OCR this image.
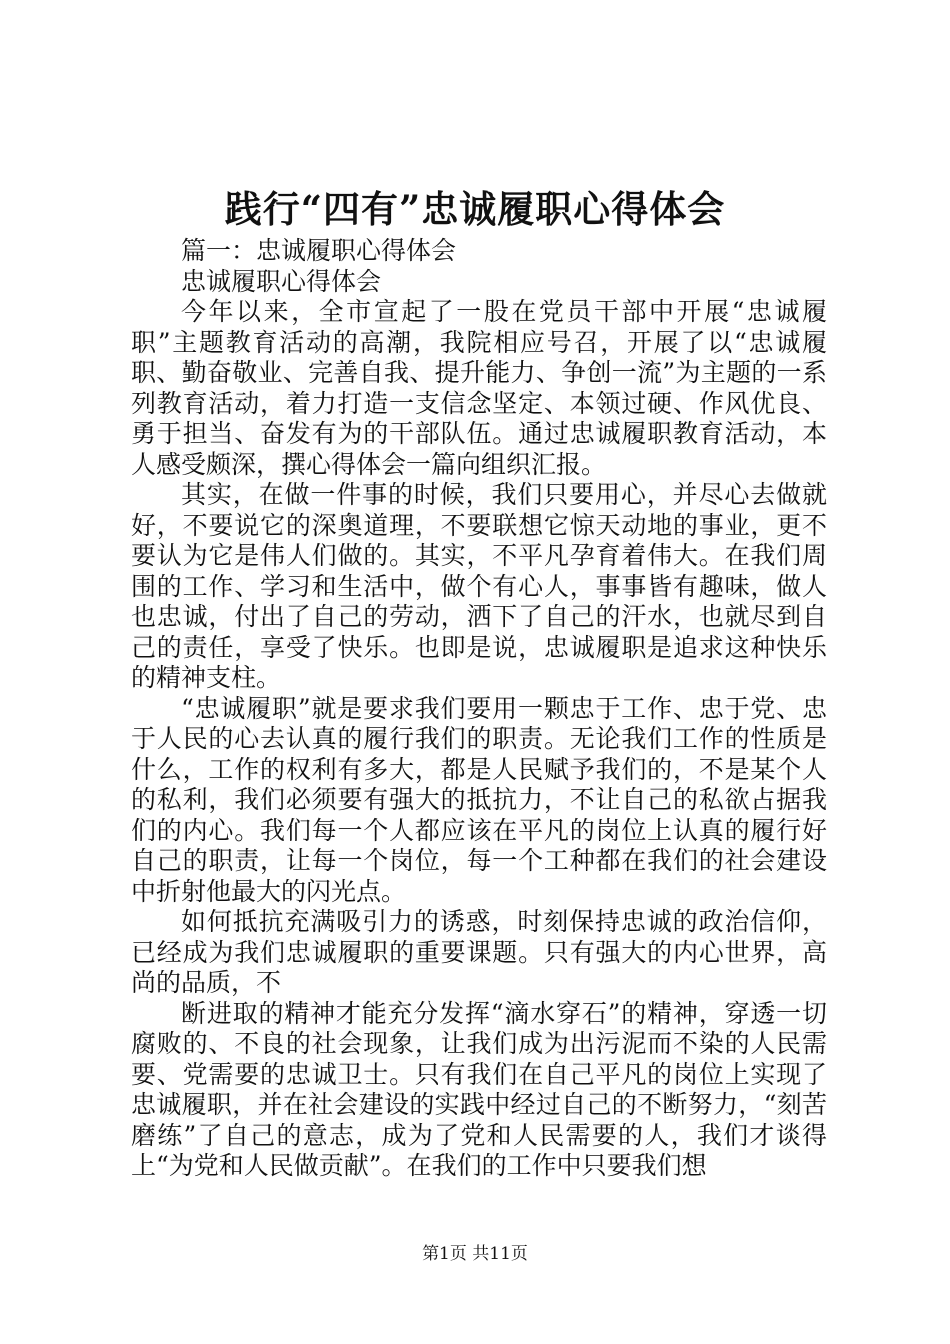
践行“四有”忠诚履职心得体会

篇一：忠诚履职心得体会

忠诚履职心得体会

今年以来，全市宣起了一股在党员干部中开展“忠诚履职”主题教育活动的高潮，我院相应号召，开展了以“忠诚履职、勤奋敬业、完善自我、提升能力、争创一流”为主题的一系列教育活动，着力打造一支信念坚定、本领过硬、作风优良、勇于担当、奋发有为的干部队伍。通过忠诚履职教育活动，本人感受颇深，撰心得体会一篇向组织汇报。

其实，在做一件事的时候，我们只要用心，并尽心去做就好，不要说它的深奥道理，不要联想它惊天动地的事业，更不要认为它是伟人们做的。其实，不平凡孕育着伟大。在我们周围的工作、学习和生活中，做个有心人，事事皆有趣味，做人也忠诚，付出了自己的劳动，洒下了自己的汗水，也就尽到自己的责任，享受了快乐。也即是说，忠诚履职是追求这种快乐的精神支柱。

“忠诚履职”就是要求我们要用一颗忠于工作、忠于党、忠于人民的心去认真的履行我们的职责。无论我们工作的性质是什么，工作的权利有多大，都是人民赋予我们的，不是某个人的私利，我们必须要有强大的抵抗力，不让自己的私欲占据我们的内心。我们每一个人都应该在平凡的岗位上认真的履行好自己的职责，让每一个岗位，每一个工种都在我们的社会建设中折射他最大的闪光点。

如何抵抗充满吸引力的诱惑，时刻保持忠诚的政治信仰，已经成为我们忠诚履职的重要课题。只有强大的内心世界，高尚的品质，不

断进取的精神才能充分发挥“滴水穿石”的精神，穿透一切腐败的、不良的社会现象，让我们成为出污泥而不染的人民需要、党需要的忠诚卫士。只有我们在自己平凡的岗位上实现了忠诚履职，并在社会建设的实践中经过自己的不断努力，“刻苦磨练”了自己的意志，成为了党和人民需要的人，我们才谈得上“为党和人民做贡献”。在我们的工作中只要我们想

第1页 共11页
